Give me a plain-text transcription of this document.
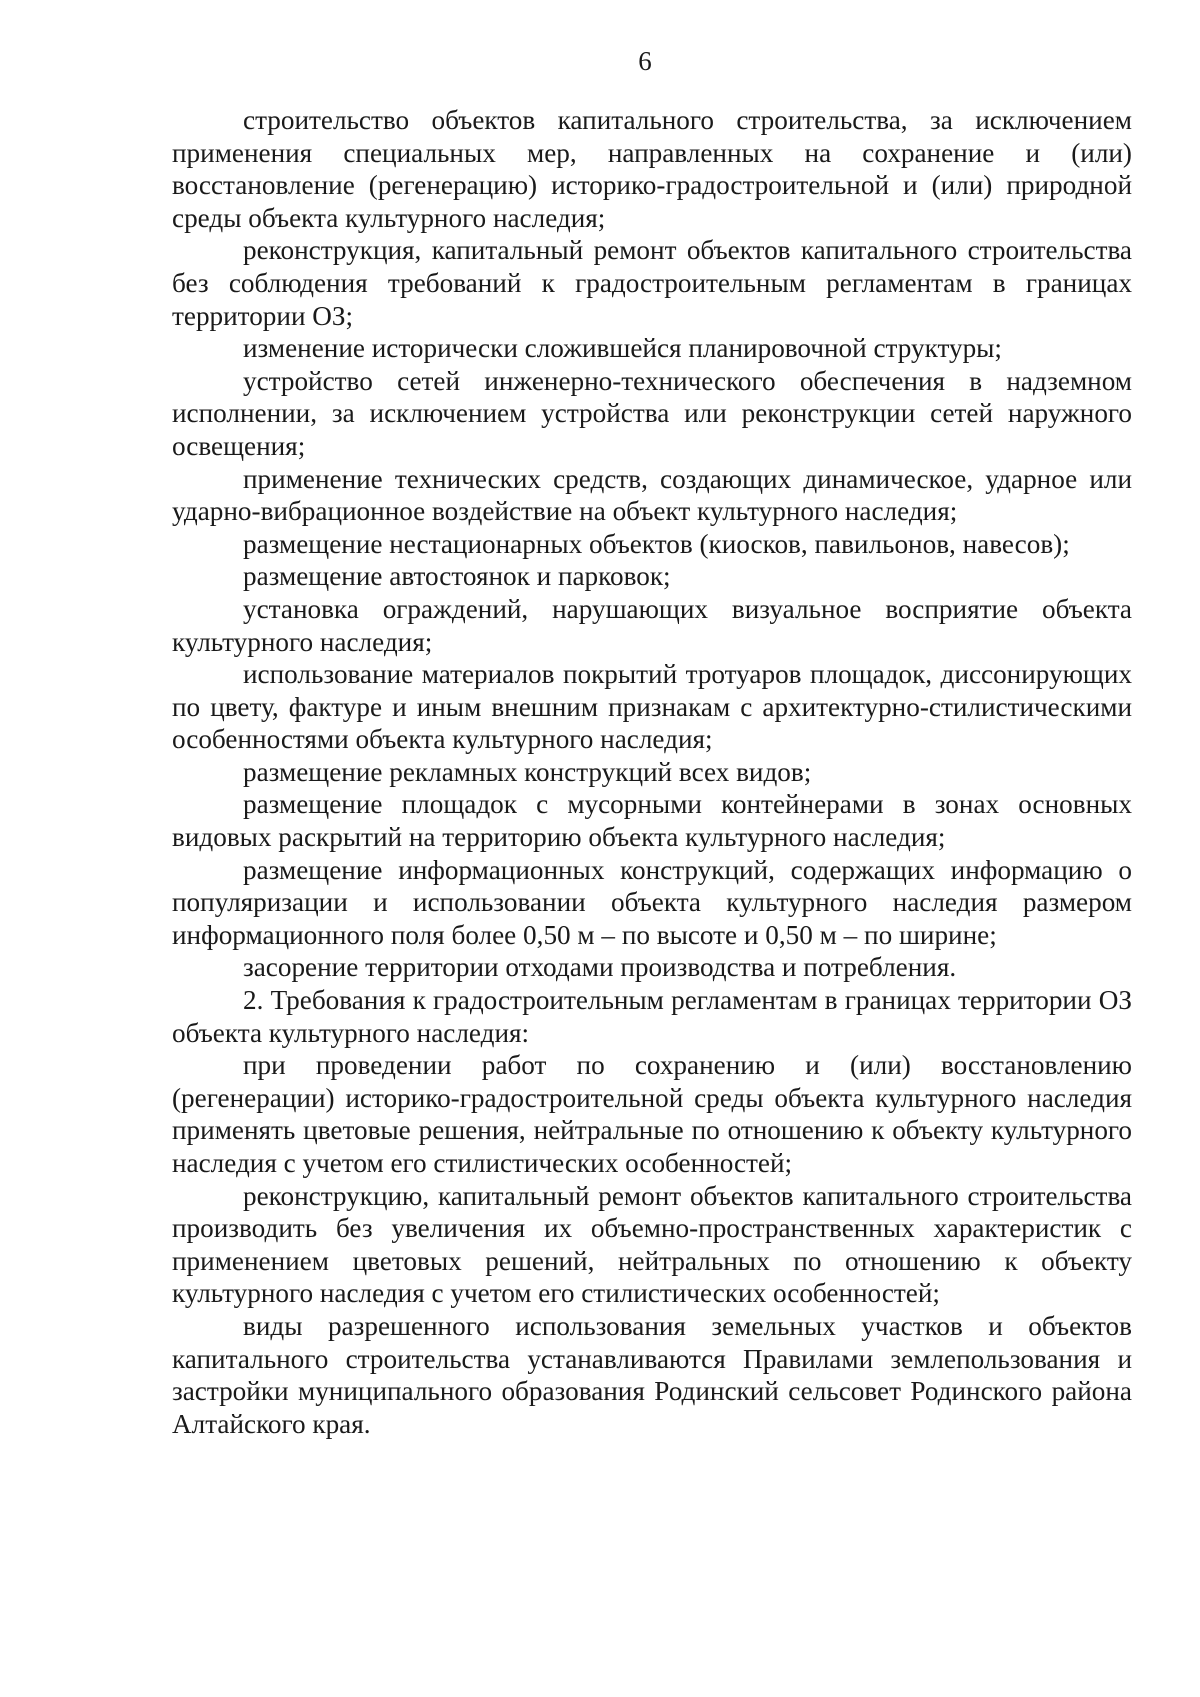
6

строительство объектов капитального строительства, за исключением применения специальных мер, направленных на сохранение и (или) восстановление (регенерацию) историко-градостроительной и (или) природной среды объекта культурного наследия;

реконструкция, капитальный ремонт объектов капитального строительства без соблюдения требований к градостроительным регламентам в границах территории ОЗ;

изменение исторически сложившейся планировочной структуры;

устройство сетей инженерно-технического обеспечения в надземном исполнении, за исключением устройства или реконструкции сетей наружного освещения;

применение технических средств, создающих динамическое, ударное или ударно-вибрационное воздействие на объект культурного наследия;

размещение нестационарных объектов (киосков, павильонов, навесов);

размещение автостоянок и парковок;

установка ограждений, нарушающих визуальное восприятие объекта культурного наследия;

использование материалов покрытий тротуаров площадок, диссонирующих по цвету, фактуре и иным внешним признакам с архитектурно-стилистическими особенностями объекта культурного наследия;

размещение рекламных конструкций всех видов;

размещение площадок с мусорными контейнерами в зонах основных видовых раскрытий на территорию объекта культурного наследия;

размещение информационных конструкций, содержащих информацию о популяризации и использовании объекта культурного наследия размером информационного поля более 0,50 м – по высоте и 0,50 м – по ширине;

засорение территории отходами производства и потребления.

2. Требования к градостроительным регламентам в границах территории ОЗ объекта культурного наследия:

при проведении работ по сохранению и (или) восстановлению (регенерации) историко-градостроительной среды объекта культурного наследия применять цветовые решения, нейтральные по отношению к объекту культурного наследия с учетом его стилистических особенностей;

реконструкцию, капитальный ремонт объектов капитального строительства производить без увеличения их объемно-пространственных характеристик с применением цветовых решений, нейтральных по отношению к объекту культурного наследия с учетом его стилистических особенностей;

виды разрешенного использования земельных участков и объектов капитального строительства устанавливаются Правилами землепользования и застройки муниципального образования Родинский сельсовет Родинского района Алтайского края.
